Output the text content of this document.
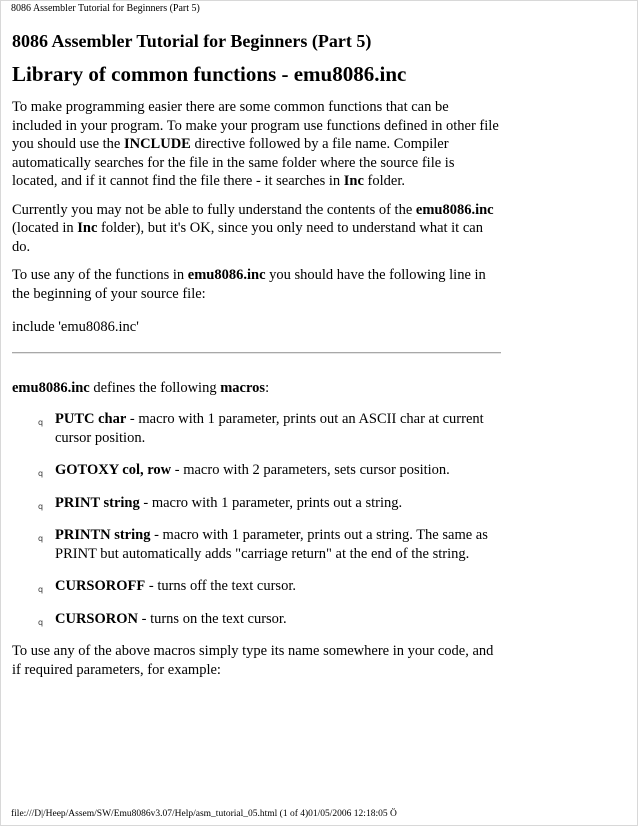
8086 Assembler Tutorial for Beginners (Part 5)
8086 Assembler Tutorial for Beginners (Part 5)
Library of common functions - emu8086.inc

To make programming easier there are some common functions that can be included in your program. To make your program use functions defined in other file you should use the INCLUDE directive followed by a file name. Compiler automatically searches for the file in the same folder where the source file is located, and if it cannot find the file there - it searches in Inc folder.

Currently you may not be able to fully understand the contents of the emu8086.inc (located in Inc folder), but it's OK, since you only need to understand what it can do.

To use any of the functions in emu8086.inc you should have the following line in the beginning of your source file:

include 'emu8086.inc'

emu8086.inc defines the following macros:

q PUTC char - macro with 1 parameter, prints out an ASCII char at current cursor position.
q GOTOXY col, row - macro with 2 parameters, sets cursor position.
q PRINT string - macro with 1 parameter, prints out a string.
q PRINTN string - macro with 1 parameter, prints out a string. The same as PRINT but automatically adds "carriage return" at the end of the string.
q CURSOROFF - turns off the text cursor.
q CURSORON - turns on the text cursor.

To use any of the above macros simply type its name somewhere in your code, and if required parameters, for example:

file:///D|/Heep/Assem/SW/Emu8086v3.07/Help/asm_tutorial_05.html (1 of 4)01/05/2006 12:18:05 Ö
